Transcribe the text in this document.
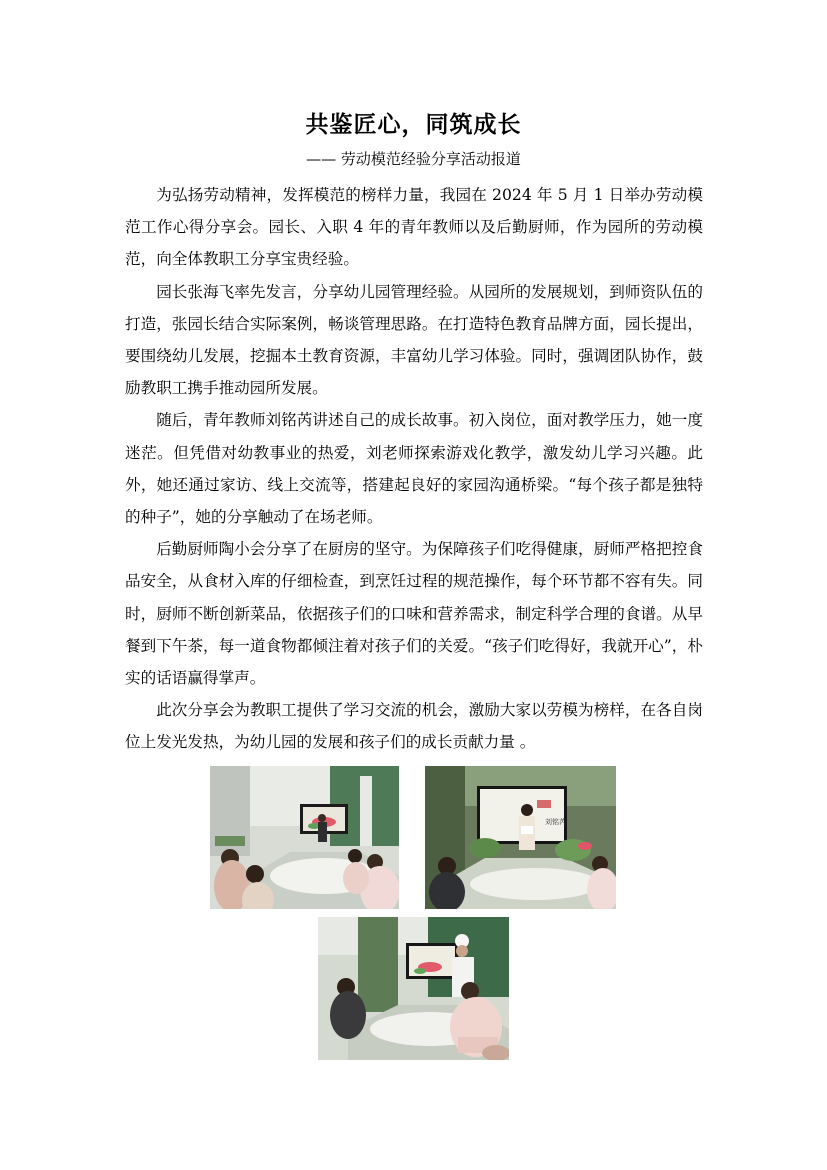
共鉴匠心，同筑成长
—— 劳动模范经验分享活动报道

为弘扬劳动精神，发挥模范的榜样力量，我园在 2024 年 5 月 1 日举办劳动模范工作心得分享会。园长、入职 4 年的青年教师以及后勤厨师，作为园所的劳动模范，向全体教职工分享宝贵经验。

园长张海飞率先发言，分享幼儿园管理经验。从园所的发展规划，到师资队伍的打造，张园长结合实际案例，畅谈管理思路。在打造特色教育品牌方面，园长提出，要围绕幼儿发展，挖掘本土教育资源，丰富幼儿学习体验。同时，强调团队协作，鼓励教职工携手推动园所发展。

随后，青年教师刘铭芮讲述自己的成长故事。初入岗位，面对教学压力，她一度迷茫。但凭借对幼教事业的热爱，刘老师探索游戏化教学，激发幼儿学习兴趣。此外，她还通过家访、线上交流等，搭建起良好的家园沟通桥梁。“每个孩子都是独特的种子”，她的分享触动了在场老师。

后勤厨师陶小会分享了在厨房的坚守。为保障孩子们吃得健康，厨师严格把控食品安全，从食材入库的仔细检查，到烹饪过程的规范操作，每个环节都不容有失。同时，厨师不断创新菜品，依据孩子们的口味和营养需求，制定科学合理的食谱。从早餐到下午茶，每一道食物都倾注着对孩子们的关爱。“孩子们吃得好，我就开心”，朴实的话语赢得掌声。

此次分享会为教职工提供了学习交流的机会，激励大家以劳模为榜样，在各自岗位上发光发热，为幼儿园的发展和孩子们的成长贡献力量 。

刘铭芮
